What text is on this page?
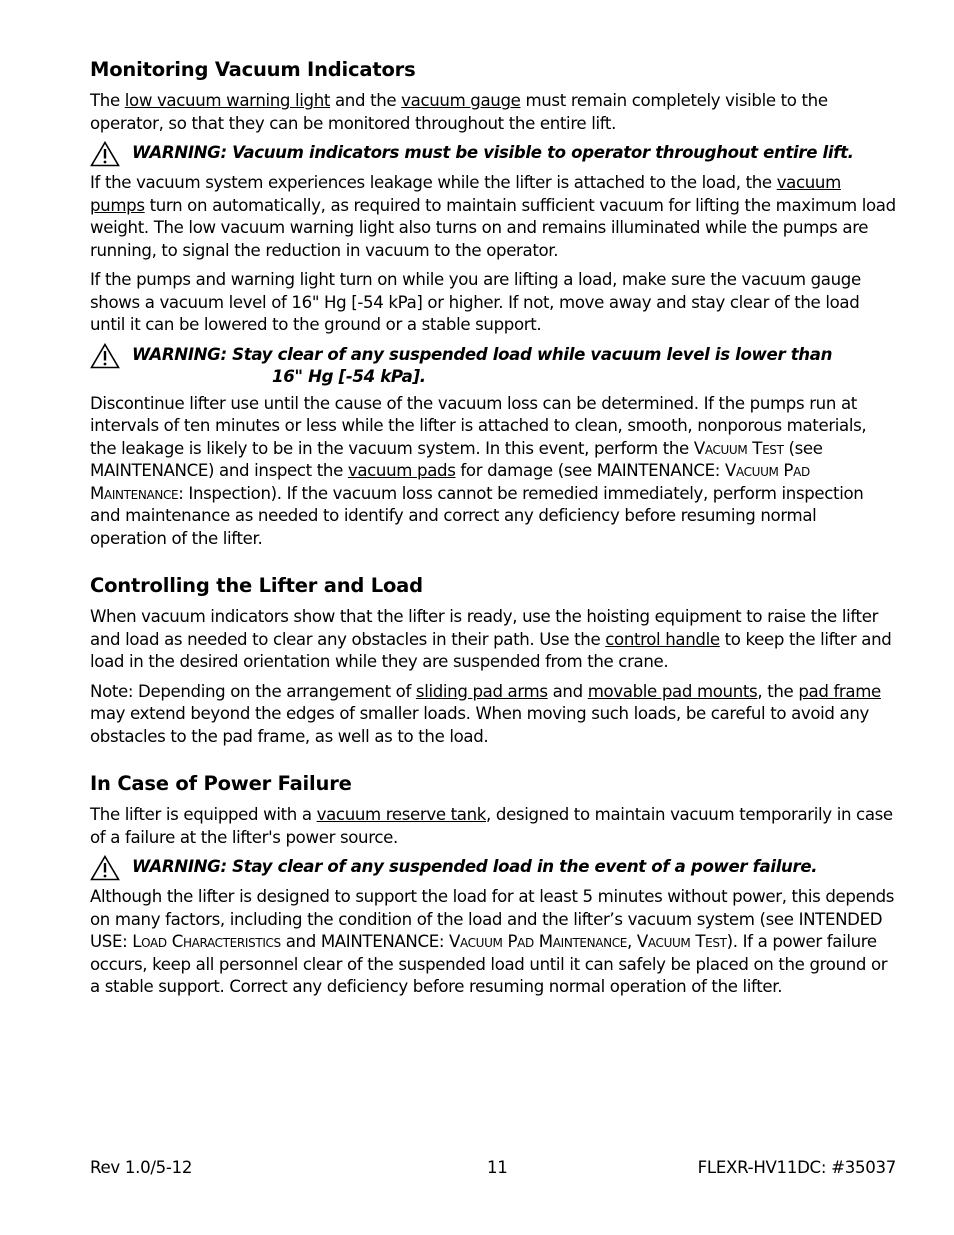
Monitoring Vacuum Indicators

The low vacuum warning light and the vacuum gauge must remain completely visible to the operator, so that they can be monitored throughout the entire lift.

WARNING: Vacuum indicators must be visible to operator throughout entire lift.

If the vacuum system experiences leakage while the lifter is attached to the load, the vacuum pumps turn on automatically, as required to maintain sufficient vacuum for lifting the maximum load weight. The low vacuum warning light also turns on and remains illuminated while the pumps are running, to signal the reduction in vacuum to the operator.

If the pumps and warning light turn on while you are lifting a load, make sure the vacuum gauge shows a vacuum level of 16" Hg [-54 kPa] or higher. If not, move away and stay clear of the load until it can be lowered to the ground or a stable support.

WARNING: Stay clear of any suspended load while vacuum level is lower than
16" Hg [-54 kPa].

Discontinue lifter use until the cause of the vacuum loss can be determined. If the pumps run at intervals of ten minutes or less while the lifter is attached to clean, smooth, nonporous materials, the leakage is likely to be in the vacuum system. In this event, perform the Vacuum Test (see MAINTENANCE) and inspect the vacuum pads for damage (see MAINTENANCE: Vacuum Pad Maintenance: Inspection). If the vacuum loss cannot be remedied immediately, perform inspection and maintenance as needed to identify and correct any deficiency before resuming normal operation of the lifter.

Controlling the Lifter and Load

When vacuum indicators show that the lifter is ready, use the hoisting equipment to raise the lifter and load as needed to clear any obstacles in their path. Use the control handle to keep the lifter and load in the desired orientation while they are suspended from the crane.

Note: Depending on the arrangement of sliding pad arms and movable pad mounts, the pad frame may extend beyond the edges of smaller loads. When moving such loads, be careful to avoid any obstacles to the pad frame, as well as to the load.

In Case of Power Failure

The lifter is equipped with a vacuum reserve tank, designed to maintain vacuum temporarily in case of a failure at the lifter's power source.

WARNING: Stay clear of any suspended load in the event of a power failure.

Although the lifter is designed to support the load for at least 5 minutes without power, this depends on many factors, including the condition of the load and the lifter’s vacuum system (see INTENDED USE: Load Characteristics and MAINTENANCE: Vacuum Pad Maintenance, Vacuum Test). If a power failure occurs, keep all personnel clear of the suspended load until it can safely be placed on the ground or a stable support. Correct any deficiency before resuming normal operation of the lifter.

Rev 1.0/5-12	11	FLEXR-HV11DC: #35037
